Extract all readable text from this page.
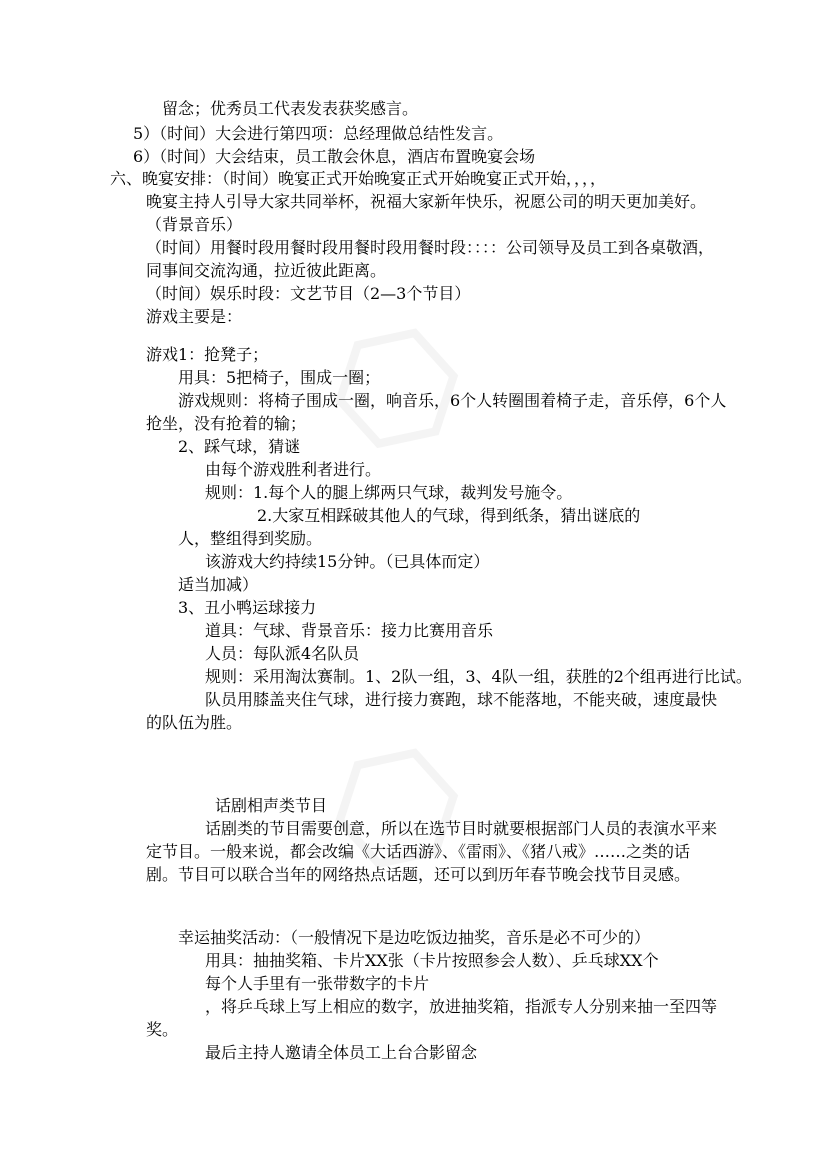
留念；优秀员工代表发表获奖感言。
5）（时间）大会进行第四项：总经理做总结性发言。
6）（时间）大会结束，员工散会休息，酒店布置晚宴会场
六、晚宴安排：（时间）晚宴正式开始晚宴正式开始晚宴正式开始，，，，
晚宴主持人引导大家共同举杯，祝福大家新年快乐，祝愿公司的明天更加美好。
（背景音乐）
（时间）用餐时段用餐时段用餐时段用餐时段：：：：公司领导及员工到各桌敬酒，
同事间交流沟通，拉近彼此距离。
（时间）娱乐时段：文艺节目（2—3个节目）
游戏主要是：
游戏1：抢凳子；
用具：5把椅子，围成一圈；
游戏规则：将椅子围成一圈，响音乐，6个人转圈围着椅子走，音乐停，6个人
抢坐，没有抢着的输；
2、踩气球，猜谜
由每个游戏胜利者进行。
规则：1.每个人的腿上绑两只气球，裁判发号施令。
2.大家互相踩破其他人的气球，得到纸条，猜出谜底的
人，整组得到奖励。
该游戏大约持续15分钟。（已具体而定）
适当加减）
3、丑小鸭运球接力
道具：气球、背景音乐：接力比赛用音乐
人员：每队派4名队员
规则：采用淘汰赛制。1、2队一组，3、4队一组，获胜的2个组再进行比试。
队员用膝盖夹住气球，进行接力赛跑，球不能落地，不能夹破，速度最快
的队伍为胜。
话剧相声类节目
话剧类的节目需要创意，所以在选节目时就要根据部门人员的表演水平来
定节目。一般来说，都会改编《大话西游》、《雷雨》、《猪八戒》……之类的话
剧。节目可以联合当年的网络热点话题，还可以到历年春节晚会找节目灵感。
幸运抽奖活动：（一般情况下是边吃饭边抽奖，音乐是必不可少的）
用具：抽抽奖箱、卡片XX张（卡片按照参会人数）、乒乓球XX个
每个人手里有一张带数字的卡片
，将乒乓球上写上相应的数字，放进抽奖箱，指派专人分别来抽一至四等
奖。
最后主持人邀请全体员工上台合影留念
